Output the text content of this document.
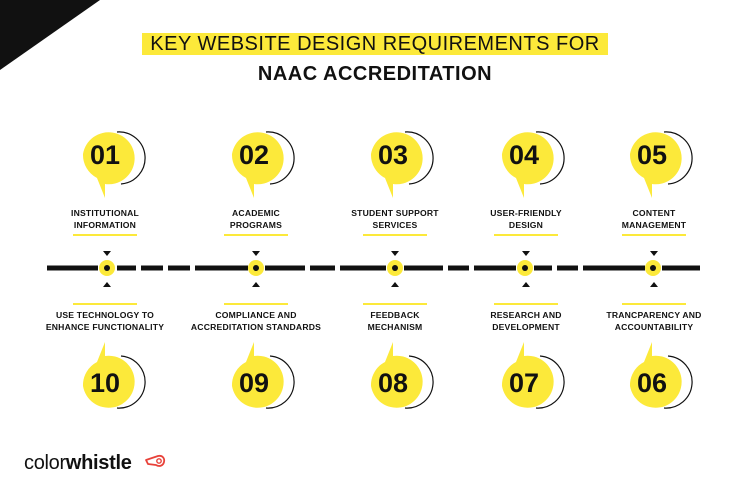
KEY WEBSITE DESIGN REQUIREMENTS FOR
NAAC ACCREDITATION
01
INSTITUTIONAL
INFORMATION
02
ACADEMIC
PROGRAMS
03
STUDENT SUPPORT
SERVICES
04
USER-FRIENDLY
DESIGN
05
CONTENT
MANAGEMENT
USE TECHNOLOGY TO
ENHANCE FUNCTIONALITY
10
COMPLIANCE AND
ACCREDITATION STANDARDS
09
FEEDBACK
MECHANISM
08
RESEARCH AND
DEVELOPMENT
07
TRANCPARENCY AND
ACCOUNTABILITY
06
colorwhistle
